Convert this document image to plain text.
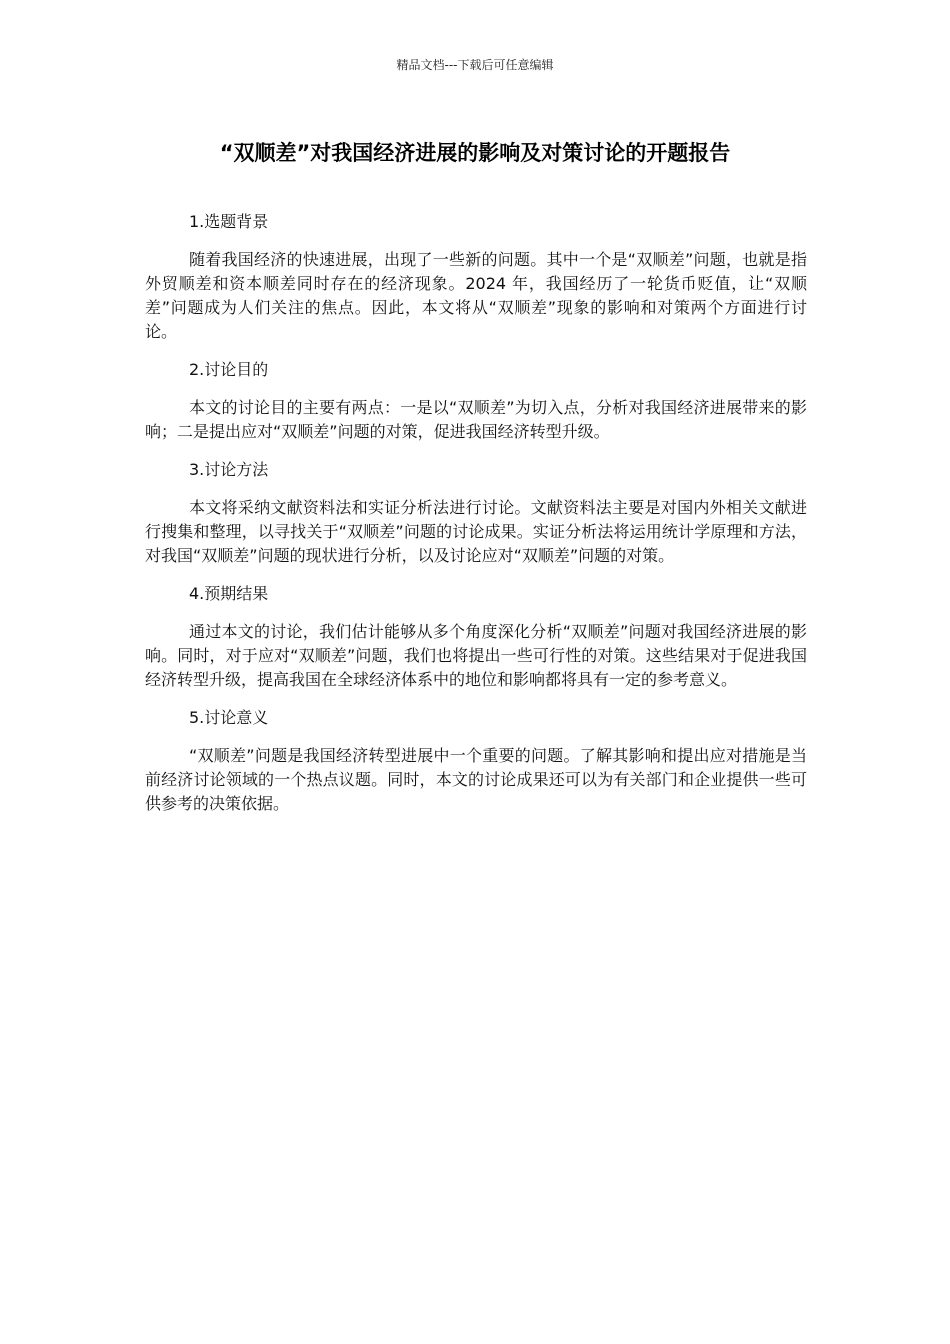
精品文档---下载后可任意编辑
“双顺差”对我国经济进展的影响及对策讨论的开题报告

1.选题背景

随着我国经济的快速进展，出现了一些新的问题。其中一个是“双顺差”问题，也就是指外贸顺差和资本顺差同时存在的经济现象。2024 年，我国经历了一轮货币贬值，让“双顺差”问题成为人们关注的焦点。因此，本文将从“双顺差”现象的影响和对策两个方面进行讨论。

2.讨论目的

本文的讨论目的主要有两点：一是以“双顺差”为切入点，分析对我国经济进展带来的影响；二是提出应对“双顺差”问题的对策，促进我国经济转型升级。

3.讨论方法

本文将采纳文献资料法和实证分析法进行讨论。文献资料法主要是对国内外相关文献进行搜集和整理，以寻找关于“双顺差”问题的讨论成果。实证分析法将运用统计学原理和方法，对我国“双顺差”问题的现状进行分析，以及讨论应对“双顺差”问题的对策。

4.预期结果

通过本文的讨论，我们估计能够从多个角度深化分析“双顺差”问题对我国经济进展的影响。同时，对于应对“双顺差”问题，我们也将提出一些可行性的对策。这些结果对于促进我国经济转型升级，提高我国在全球经济体系中的地位和影响都将具有一定的参考意义。

5.讨论意义

“双顺差”问题是我国经济转型进展中一个重要的问题。了解其影响和提出应对措施是当前经济讨论领域的一个热点议题。同时，本文的讨论成果还可以为有关部门和企业提供一些可供参考的决策依据。
